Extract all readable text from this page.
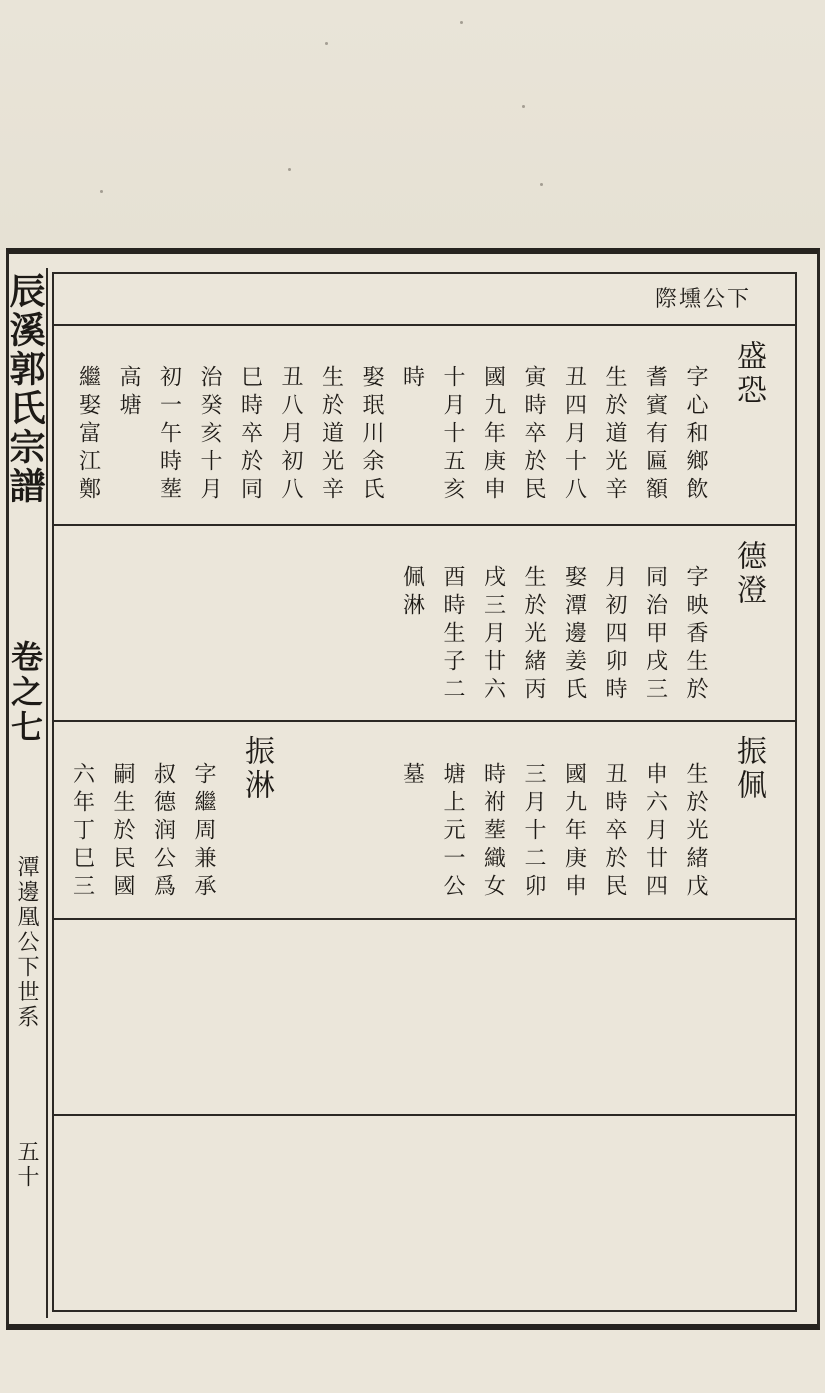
辰溪郭氏宗譜
卷之七
潭邊凰公下世系
五十
際壎公下
盛恐
字心和鄉飲
耆賓有匾額
生於道光辛
丑四月十八
寅時卒於民
國九年庚申
十月十五亥
時
娶珉川余氏
生於道光辛
丑八月初八
巳時卒於同
治癸亥十月
初一午時塟
高塘
繼娶富江鄭
德澄
字映香生於
同治甲戌三
月初四卯時
娶潭邊姜氏
生於光緒丙
戌三月廿六
酉時生子二
佩淋
振佩
生於光緒戊
申六月廿四
丑時卒於民
國九年庚申
三月十二卯
時祔塟織女
塘上元一公
墓
振淋
字繼周兼承
叔德润公爲
嗣生於民國
六年丁巳三
